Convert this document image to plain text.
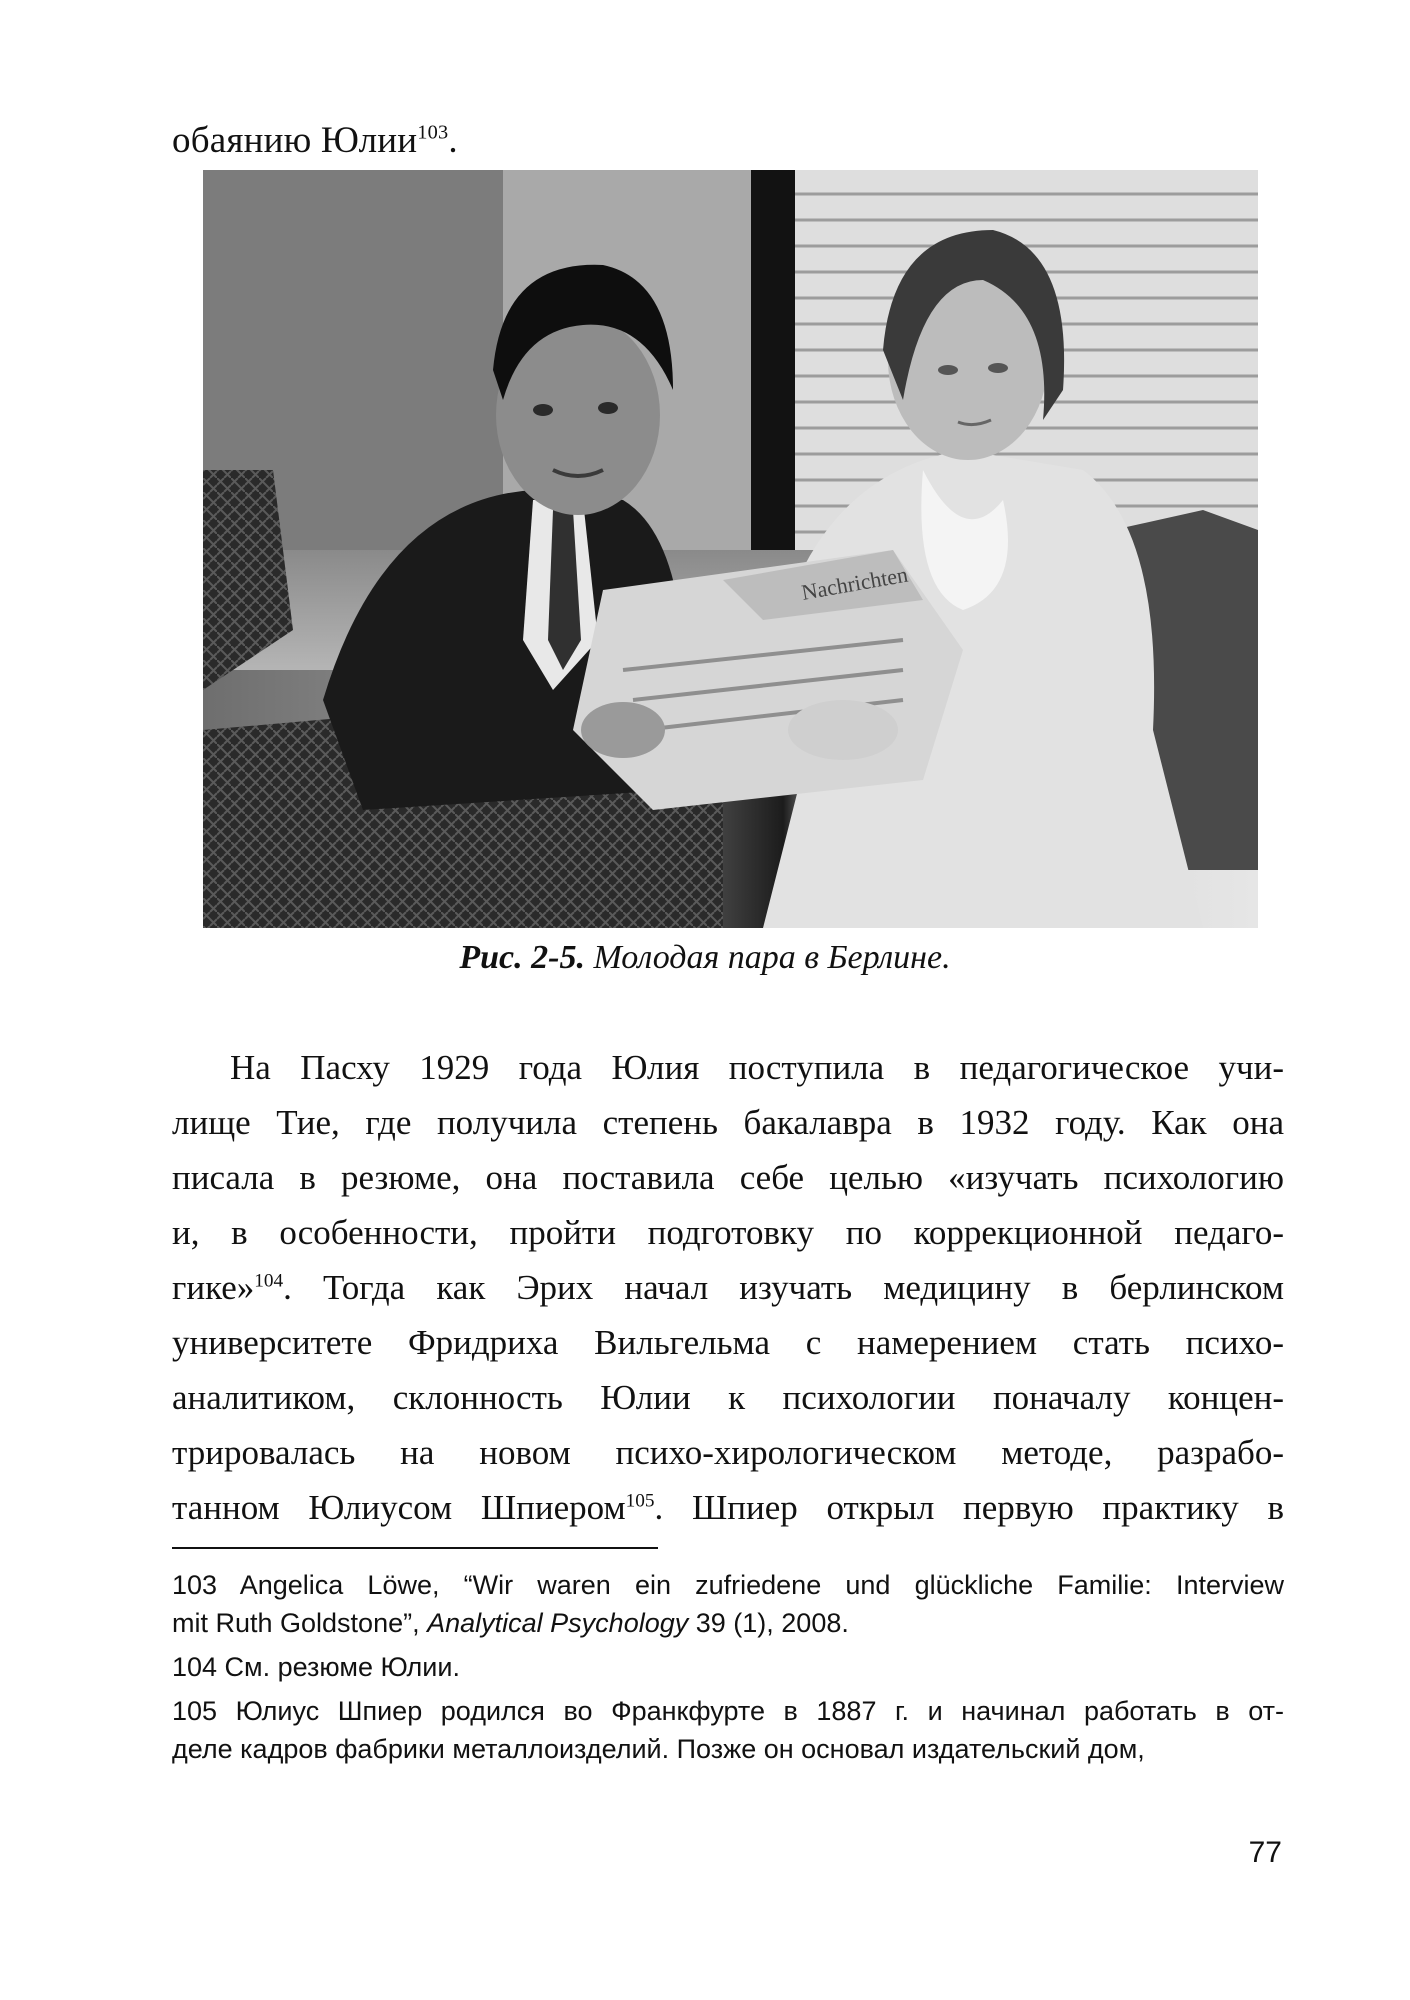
обаянию Юлии$^{103}$.
Nachrichten
Рис. 2-5. Молодая пара в Берлине.
На Пасху 1929 года Юлия поступила в педагогическое учи-
лище Тие, где получила степень бакалавра в 1932 году. Как она
писала в резюме, она поставила себе целью «изучать психологию
и, в особенности, пройти подготовку по коррекционной педаго-
гике»$^{104}$. Тогда как Эрих начал изучать медицину в берлинском
университете Фридриха Вильгельма с намерением стать психо-
аналитиком, склонность Юлии к психологии поначалу концен-
трировалась на новом психо-хирологическом методе, разрабо-
танном Юлиусом Шпиером$^{105}$. Шпиер открыл первую практику в
103 Angelica Löwe, “Wir waren ein zufriedene und glückliche Familie: Interview
mit Ruth Goldstone”, Analytical Psychology 39 (1), 2008.
104 См. резюме Юлии.
105 Юлиус Шпиер родился во Франкфурте в 1887 г. и начинал работать в от-
деле кадров фабрики металлоизделий. Позже он основал издательский дом,
77
